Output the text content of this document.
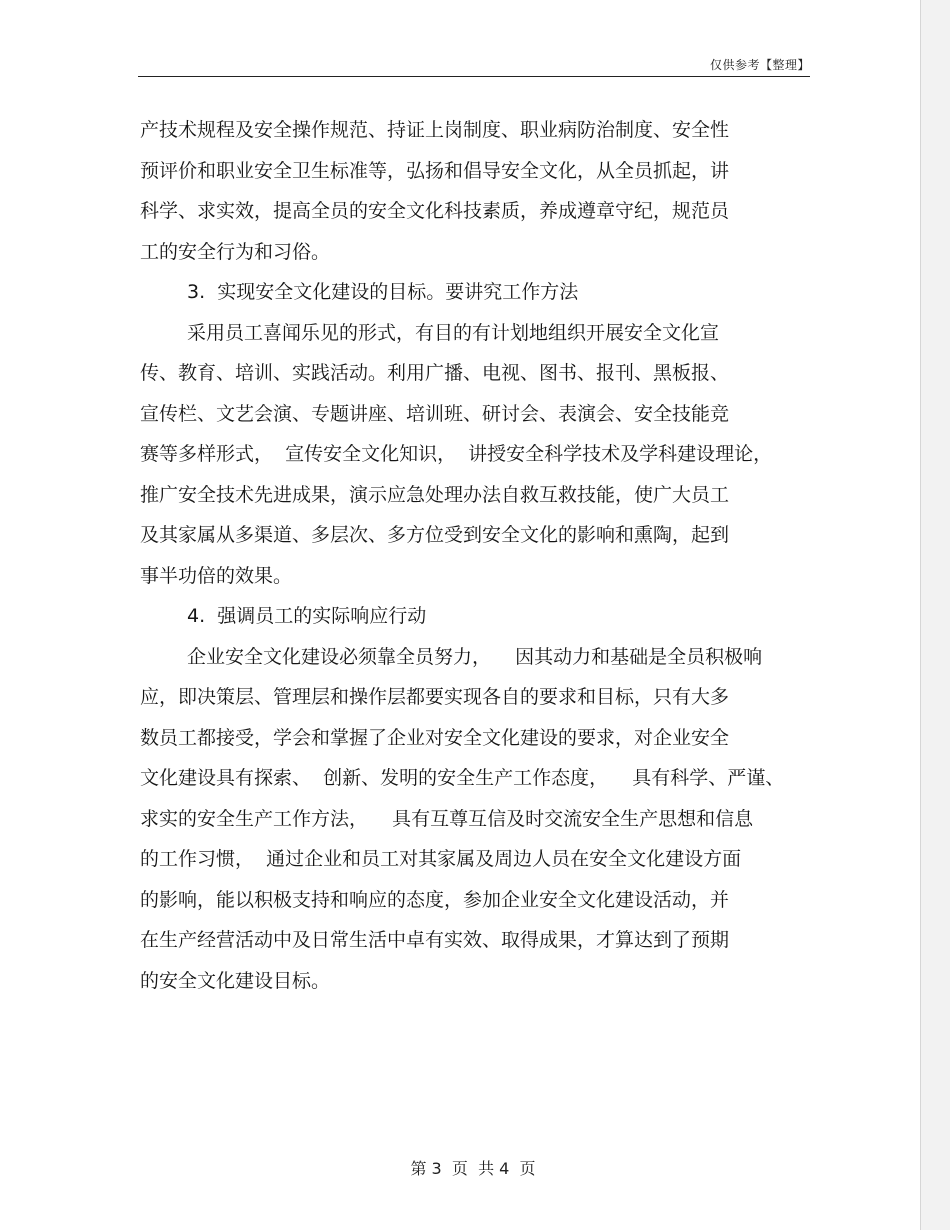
仅供参考【整理】
产技术规程及安全操作规范、持证上岗制度、职业病防治制度、安全性
预评价和职业安全卫生标准等，弘扬和倡导安全文化，从全员抓起，讲
科学、求实效，提高全员的安全文化科技素质，养成遵章守纪，规范员
工的安全行为和习俗。
3.  实现安全文化建设的目标。要讲究工作方法
采用员工喜闻乐见的形式，有目的有计划地组织开展安全文化宣
传、教育、培训、实践活动。利用广播、电视、图书、报刊、黑板报、
宣传栏、文艺会演、专题讲座、培训班、研讨会、表演会、安全技能竞
赛等多样形式，  宣传安全文化知识，  讲授安全科学技术及学科建设理论，
推广安全技术先进成果，演示应急处理办法自救互救技能，使广大员工
及其家属从多渠道、多层次、多方位受到安全文化的影响和熏陶，起到
事半功倍的效果。
4.  强调员工的实际响应行动
企业安全文化建设必须靠全员努力，    因其动力和基础是全员积极响
应，即决策层、管理层和操作层都要实现各自的要求和目标，只有大多
数员工都接受，学会和掌握了企业对安全文化建设的要求，对企业安全
文化建设具有探索、  创新、发明的安全生产工作态度，    具有科学、严谨、
求实的安全生产工作方法，    具有互尊互信及时交流安全生产思想和信息
的工作习惯，  通过企业和员工对其家属及周边人员在安全文化建设方面
的影响，能以积极支持和响应的态度，参加企业安全文化建设活动，并
在生产经营活动中及日常生活中卓有实效、取得成果，才算达到了预期
的安全文化建设目标。
第 3  页  共 4  页
